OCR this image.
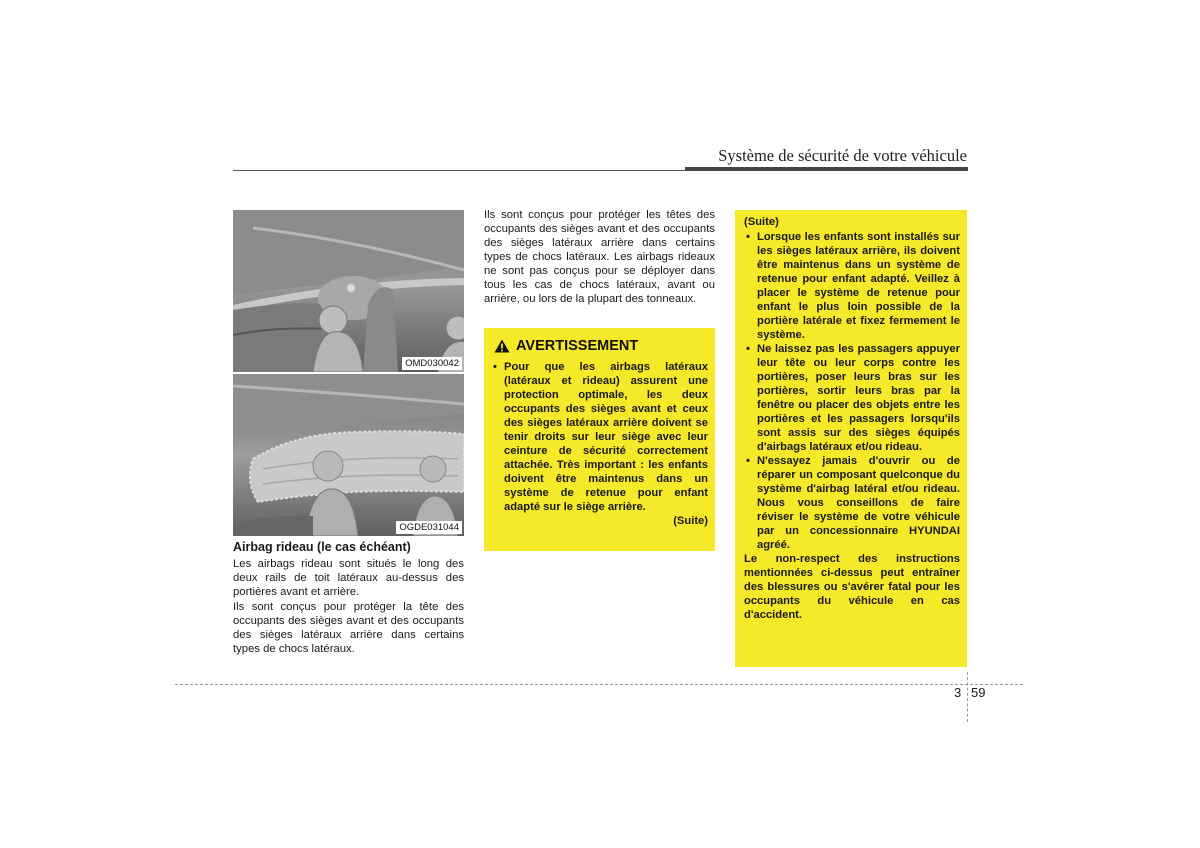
Système de sécurité de votre véhicule
OMD030042
OGDE031044
Airbag rideau (le cas échéant)
Les airbags rideau sont situés le long des deux rails de toit latéraux au-dessus des portières avant et arrière.
Ils sont conçus pour protéger la tête des occupants des sièges avant et des occupants des sièges latéraux arrière dans certains types de chocs latéraux.
Ils sont conçus pour protéger les têtes des occupants des sièges avant et des occupants des sièges latéraux arrière dans certains types de chocs latéraux. Les airbags rideaux ne sont pas conçus pour se déployer dans tous les cas de chocs latéraux, avant ou arrière, ou lors de la plupart des tonneaux.
AVERTISSEMENT
• Pour que les airbags latéraux (latéraux et rideau) assurent une protection optimale, les deux occupants des sièges avant et ceux des sièges latéraux arrière doivent se tenir droits sur leur siège avec leur ceinture de sécurité correctement attachée. Très important : les enfants doivent être maintenus dans un système de retenue pour enfant adapté sur le siège arrière.
(Suite)
(Suite)
• Lorsque les enfants sont installés sur les sièges latéraux arrière, ils doivent être maintenus dans un système de retenue pour enfant adapté. Veillez à placer le système de retenue pour enfant le plus loin possible de la portière latérale et fixez fermement le système.
• Ne laissez pas les passagers appuyer leur tête ou leur corps contre les portières, poser leurs bras sur les portières, sortir leurs bras par la fenêtre ou placer des objets entre les portières et les passagers lorsqu'ils sont assis sur des sièges équipés d'airbags latéraux et/ou rideau.
• N'essayez jamais d'ouvrir ou de réparer un composant quelconque du système d'airbag latéral et/ou rideau. Nous vous conseillons de faire réviser le système de votre véhicule par un concessionnaire HYUNDAI agréé.
Le non-respect des instructions mentionnées ci-dessus peut entraîner des blessures ou s'avérer fatal pour les occupants du véhicule en cas d'accident.
3 59
